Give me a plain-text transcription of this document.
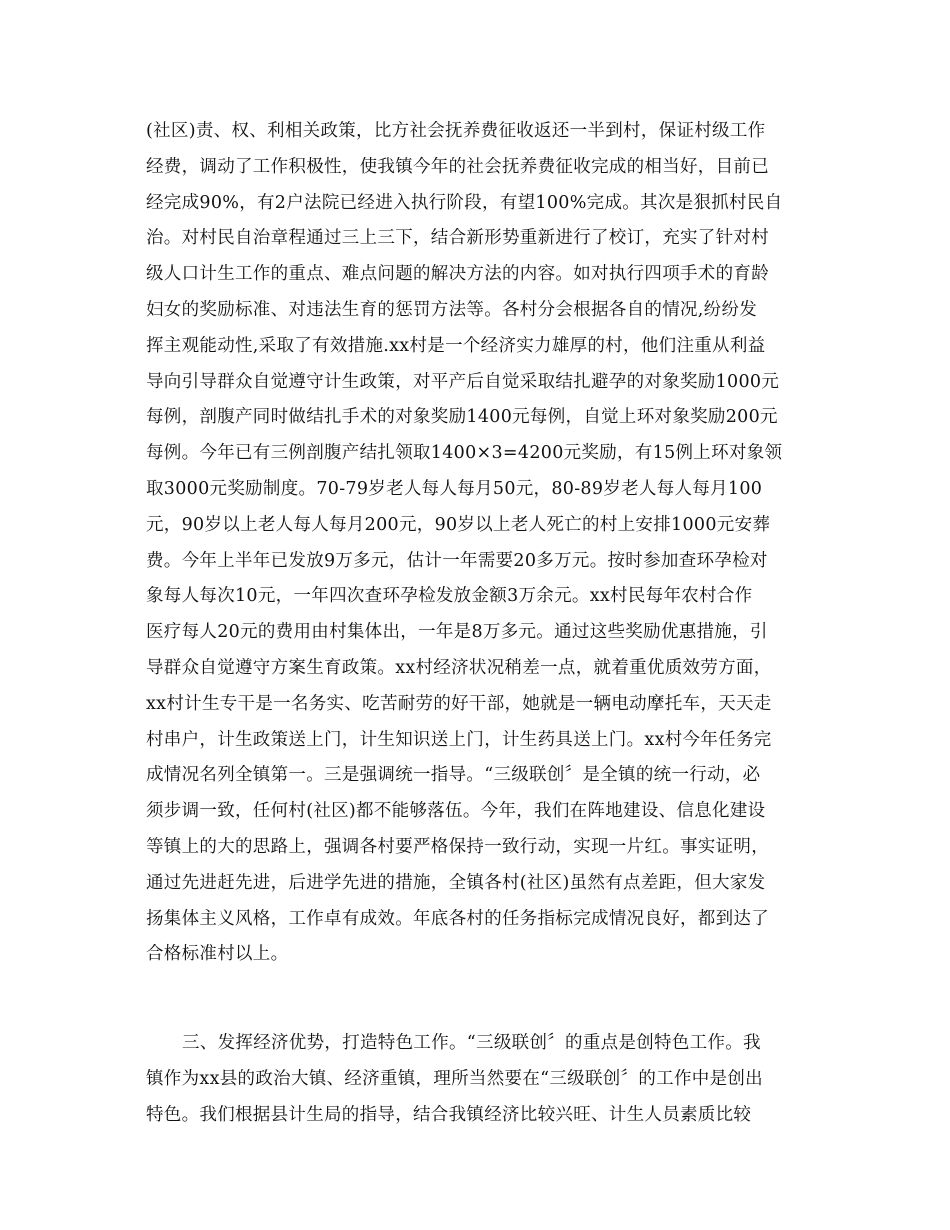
(社区)责、权、利相关政策，比方社会抚养费征收返还一半到村，保证村级工作
经费，调动了工作积极性，使我镇今年的社会抚养费征收完成的相当好，目前已
经完成90%，有2户法院已经进入执行阶段，有望100%完成。其次是狠抓村民自
治。对村民自治章程通过三上三下，结合新形势重新进行了校订，充实了针对村
级人口计生工作的重点、难点问题的解决方法的内容。如对执行四项手术的育龄
妇女的奖励标准、对违法生育的惩罚方法等。各村分会根据各自的情况,纷纷发
挥主观能动性,采取了有效措施.xx村是一个经济实力雄厚的村，他们注重从利益
导向引导群众自觉遵守计生政策，对平产后自觉采取结扎避孕的对象奖励1000元
每例，剖腹产同时做结扎手术的对象奖励1400元每例，自觉上环对象奖励200元
每例。今年已有三例剖腹产结扎领取1400×3=4200元奖励，有15例上环对象领
取3000元奖励制度。70-79岁老人每人每月50元，80-89岁老人每人每月100
元，90岁以上老人每人每月200元，90岁以上老人死亡的村上安排1000元安葬
费。今年上半年已发放9万多元，估计一年需要20多万元。按时参加查环孕检对
象每人每次10元，一年四次查环孕检发放金额3万余元。xx村民每年农村合作
医疗每人20元的费用由村集体出，一年是8万多元。通过这些奖励优惠措施，引
导群众自觉遵守方案生育政策。xx村经济状况稍差一点，就着重优质效劳方面，
xx村计生专干是一名务实、吃苦耐劳的好干部，她就是一辆电动摩托车，天天走
村串户，计生政策送上门，计生知识送上门，计生药具送上门。xx村今年任务完
成情况名列全镇第一。三是强调统一指导。“三级联创〞是全镇的统一行动，必
须步调一致，任何村(社区)都不能够落伍。今年，我们在阵地建设、信息化建设
等镇上的大的思路上，强调各村要严格保持一致行动，实现一片红。事实证明，
通过先进赶先进，后进学先进的措施，全镇各村(社区)虽然有点差距，但大家发
扬集体主义风格，工作卓有成效。年底各村的任务指标完成情况良好，都到达了
合格标准村以上。
三、发挥经济优势，打造特色工作。“三级联创〞的重点是创特色工作。我
镇作为xx县的政治大镇、经济重镇，理所当然要在“三级联创〞的工作中是创出
特色。我们根据县计生局的指导，结合我镇经济比较兴旺、计生人员素质比较
